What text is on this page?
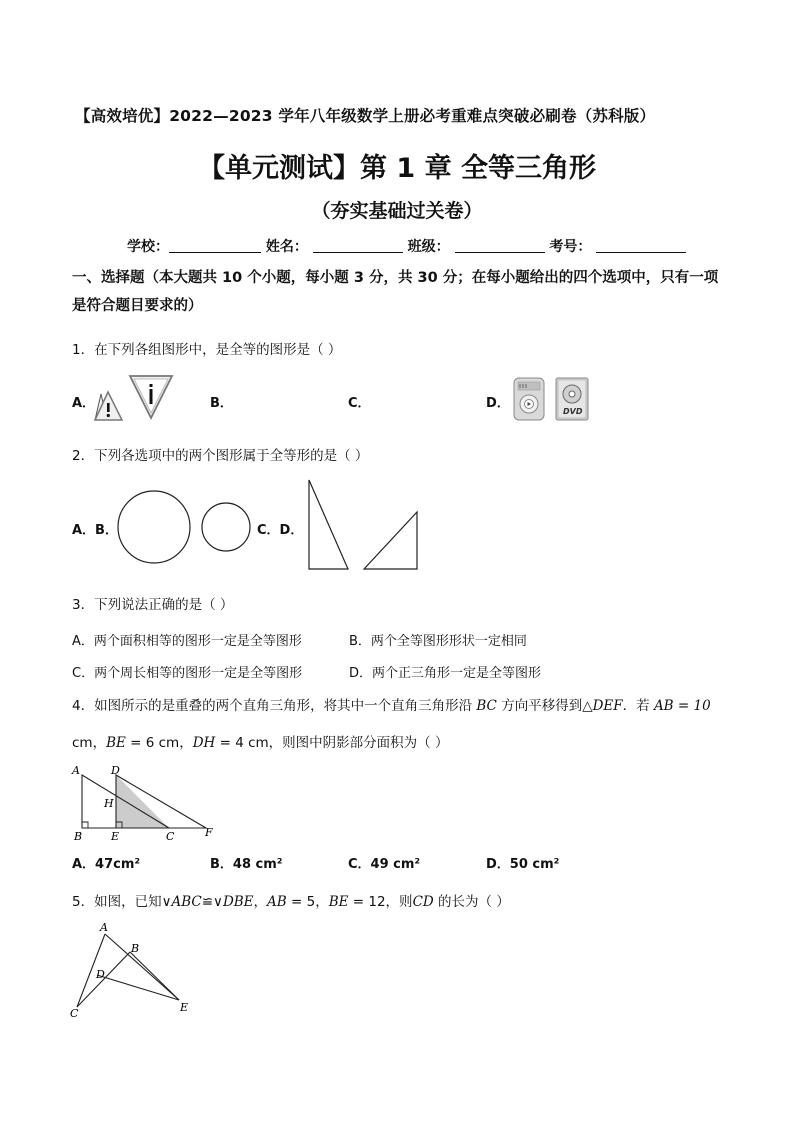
【高效培优】2022—2023 学年八年级数学上册必考重难点突破必刷卷（苏科版）
【单元测试】第 1 章 全等三角形
（夯实基础过关卷）
学校：	姓名：	班级：	考号：
一、选择题（本大题共 10 个小题，每小题 3 分，共 30 分；在每小题给出的四个选项中，只有一项是符合题目要求的）
1．在下列各组图形中，是全等的图形是（ ）
A．	B．	C．	D．
DVD
2．下列各选项中的两个图形属于全等形的是（ ）
A．B．	C．D．
3．下列说法正确的是（ ）
A．两个面积相等的图形一定是全等图形	B．两个全等图形形状一定相同
C．两个周长相等的图形一定是全等图形	D．两个正三角形一定是全等图形
4．如图所示的是重叠的两个直角三角形，将其中一个直角三角形沿 BC 方向平移得到△DEF．若 AB = 10
cm，BE = 6 cm，DH = 4 cm，则图中阴影部分面积为（ ）
A	D
H
B	E	C	F
A．47cm²	B．48 cm²	C．49 cm²	D．50 cm²
5．如图，已知∨ABC≌∨DBE，AB = 5，BE = 12，则CD 的长为（ ）
A
B
D
C	E
